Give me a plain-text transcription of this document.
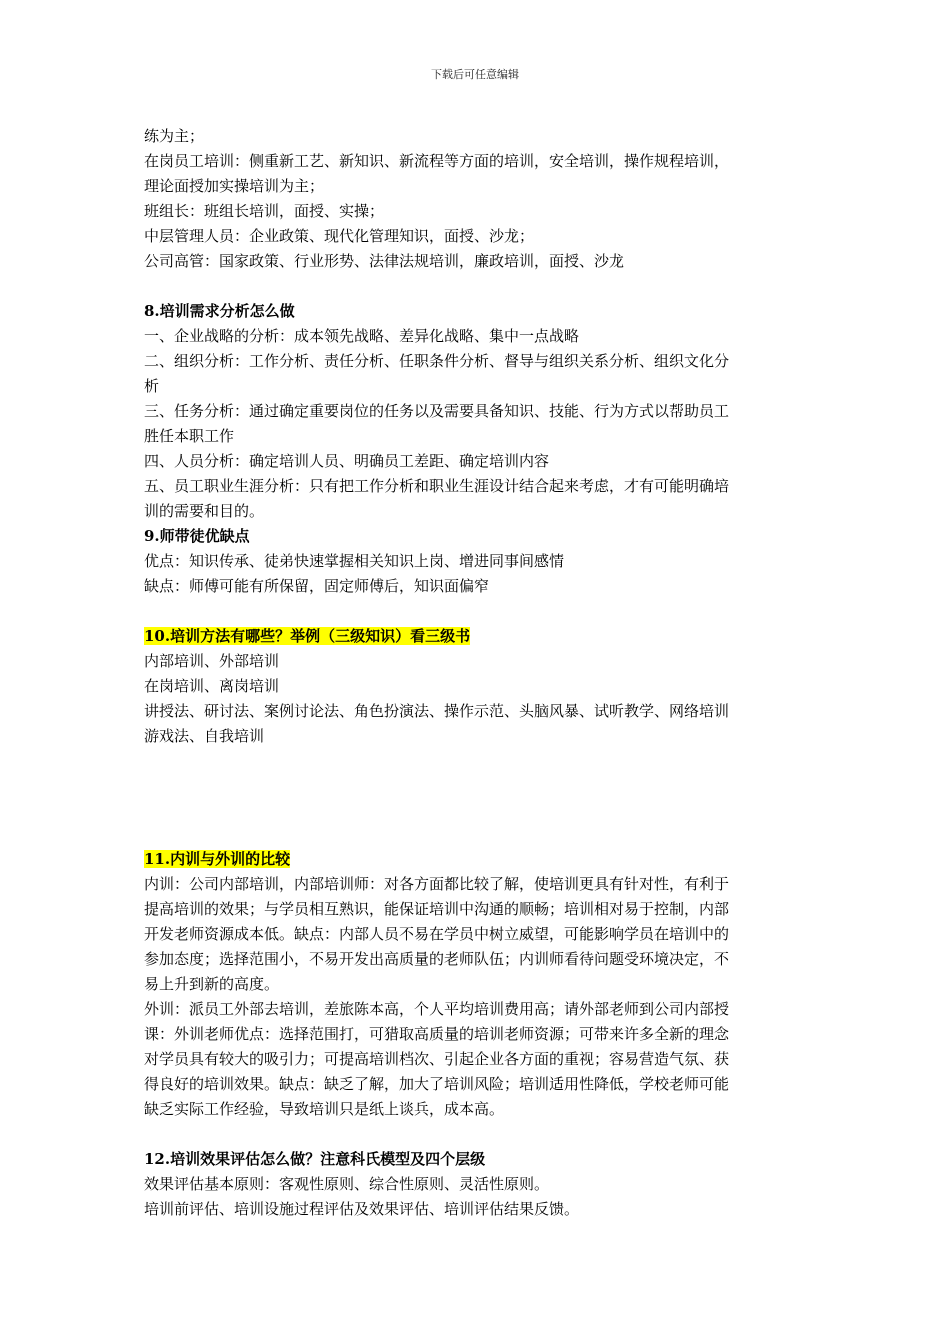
下载后可任意编辑
练为主；
在岗员工培训：侧重新工艺、新知识、新流程等方面的培训，安全培训，操作规程培训，
理论面授加实操培训为主；
班组长：班组长培训，面授、实操；
中层管理人员：企业政策、现代化管理知识，面授、沙龙；
公司高管：国家政策、行业形势、法律法规培训，廉政培训，面授、沙龙
8.培训需求分析怎么做
一、企业战略的分析：成本领先战略、差异化战略、集中一点战略
二、组织分析：工作分析、责任分析、任职条件分析、督导与组织关系分析、组织文化分
析
三、任务分析：通过确定重要岗位的任务以及需要具备知识、技能、行为方式以帮助员工
胜任本职工作
四、人员分析：确定培训人员、明确员工差距、确定培训内容
五、员工职业生涯分析：只有把工作分析和职业生涯设计结合起来考虑，才有可能明确培
训的需要和目的。
9.师带徒优缺点
优点：知识传承、徒弟快速掌握相关知识上岗、增进同事间感情
缺点：师傅可能有所保留，固定师傅后，知识面偏窄
10.培训方法有哪些？举例（三级知识）看三级书
内部培训、外部培训
在岗培训、离岗培训
讲授法、研讨法、案例讨论法、角色扮演法、操作示范、头脑风暴、试听教学、网络培训
游戏法、自我培训
11.内训与外训的比较
内训：公司内部培训，内部培训师：对各方面都比较了解，使培训更具有针对性，有利于
提高培训的效果；与学员相互熟识，能保证培训中沟通的顺畅；培训相对易于控制，内部
开发老师资源成本低。缺点：内部人员不易在学员中树立威望，可能影响学员在培训中的
参加态度；选择范围小，不易开发出高质量的老师队伍；内训师看待问题受环境决定，不
易上升到新的高度。
外训：派员工外部去培训，差旅陈本高，个人平均培训费用高；请外部老师到公司内部授
课：外训老师优点：选择范围打，可猎取高质量的培训老师资源；可带来许多全新的理念
对学员具有较大的吸引力；可提高培训档次、引起企业各方面的重视；容易营造气氛、获
得良好的培训效果。缺点：缺乏了解，加大了培训风险；培训适用性降低，学校老师可能
缺乏实际工作经验，导致培训只是纸上谈兵，成本高。
12.培训效果评估怎么做？注意科氏模型及四个层级
效果评估基本原则：客观性原则、综合性原则、灵活性原则。
培训前评估、培训设施过程评估及效果评估、培训评估结果反馈。
